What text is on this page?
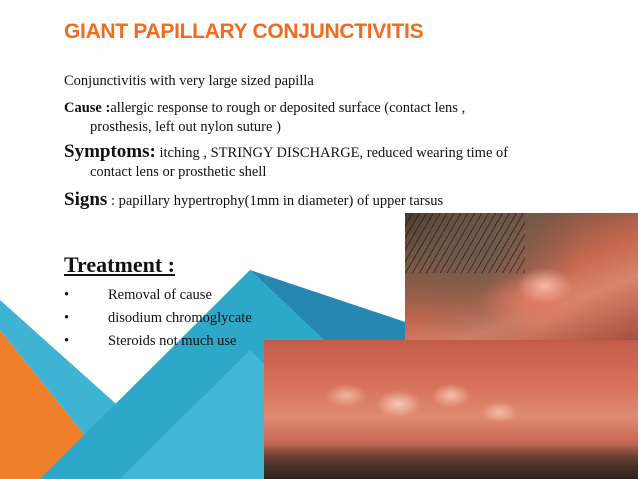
GIANT PAPILLARY CONJUNCTIVITIS
Conjunctivitis with very large sized papilla
Cause :allergic response to rough or deposited surface (contact lens ,
prosthesis, left out nylon suture )
Symptoms: itching , STRINGY DISCHARGE, reduced wearing time of
contact lens or prosthetic shell
Signs : papillary hypertrophy(1mm in diameter) of upper tarsus
Treatment :
•	Removal of cause
•	disodium chromoglycate
•	Steroids not much use
